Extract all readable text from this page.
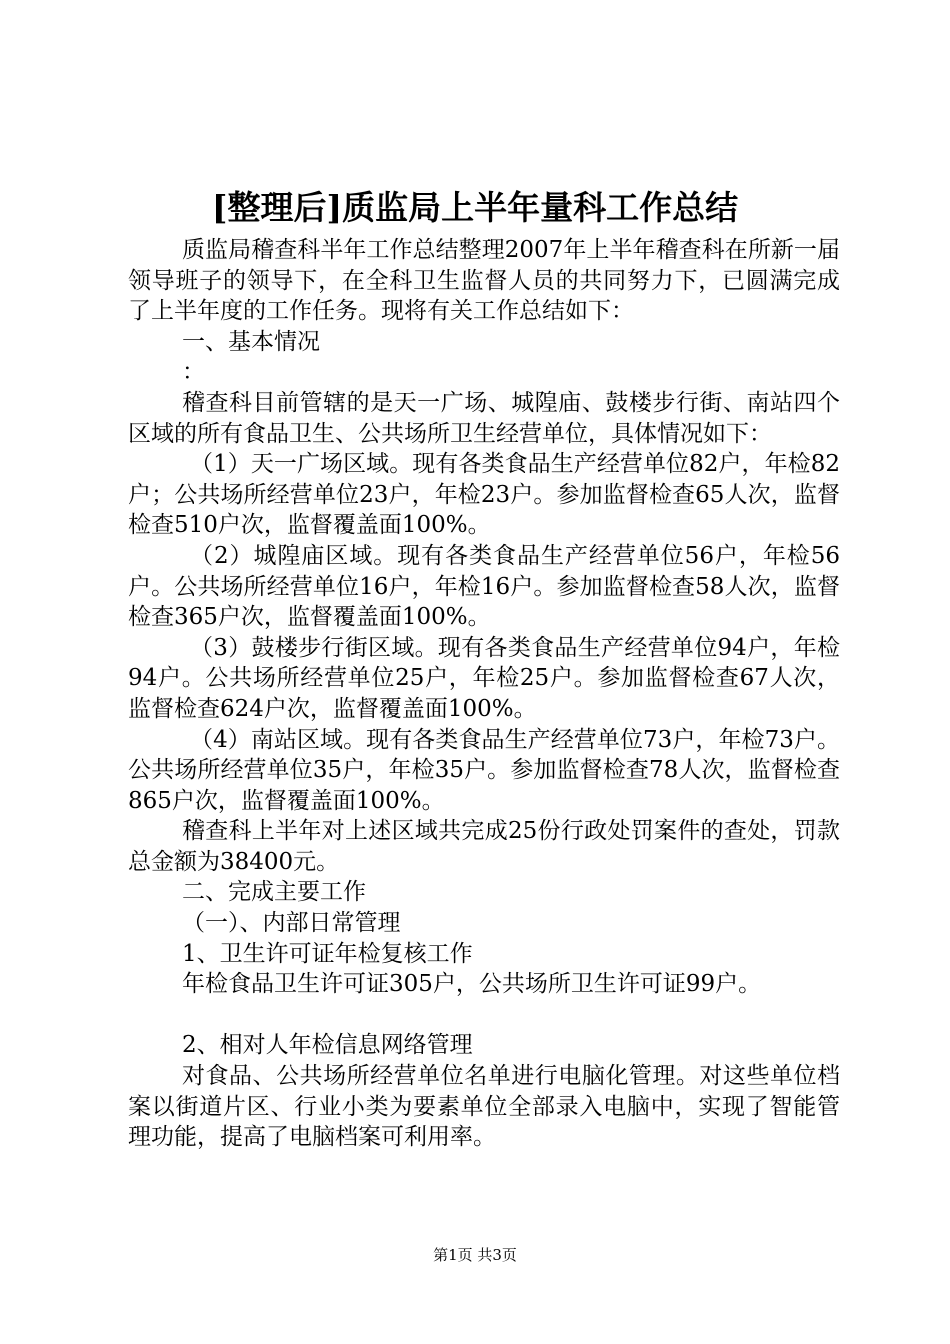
[整理后]质监局上半年量科工作总结

质监局稽查科半年工作总结整理2007年上半年稽查科在所新一届领导班子的领导下，在全科卫生监督人员的共同努力下，已圆满完成了上半年度的工作任务。现将有关工作总结如下：

一、基本情况

：

稽查科目前管辖的是天一广场、城隍庙、鼓楼步行街、南站四个区域的所有食品卫生、公共场所卫生经营单位，具体情况如下：

（1）天一广场区域。现有各类食品生产经营单位82户，年检82户；公共场所经营单位23户，年检23户。参加监督检查65人次，监督检查510户次，监督覆盖面100%。

（2）城隍庙区域。现有各类食品生产经营单位56户，年检56户。公共场所经营单位16户，年检16户。参加监督检查58人次，监督检查365户次，监督覆盖面100%。

（3）鼓楼步行街区域。现有各类食品生产经营单位94户，年检94户。公共场所经营单位25户，年检25户。参加监督检查67人次，监督检查624户次，监督覆盖面100%。

（4）南站区域。现有各类食品生产经营单位73户，年检73户。公共场所经营单位35户，年检35户。参加监督检查78人次，监督检查865户次，监督覆盖面100%。

稽查科上半年对上述区域共完成25份行政处罚案件的查处，罚款总金额为38400元。

二、完成主要工作

（一）、内部日常管理

1、卫生许可证年检复核工作

年检食品卫生许可证305户，公共场所卫生许可证99户。

2、相对人年检信息网络管理

对食品、公共场所经营单位名单进行电脑化管理。对这些单位档案以街道片区、行业小类为要素单位全部录入电脑中，实现了智能管理功能，提高了电脑档案可利用率。

第1页 共3页
